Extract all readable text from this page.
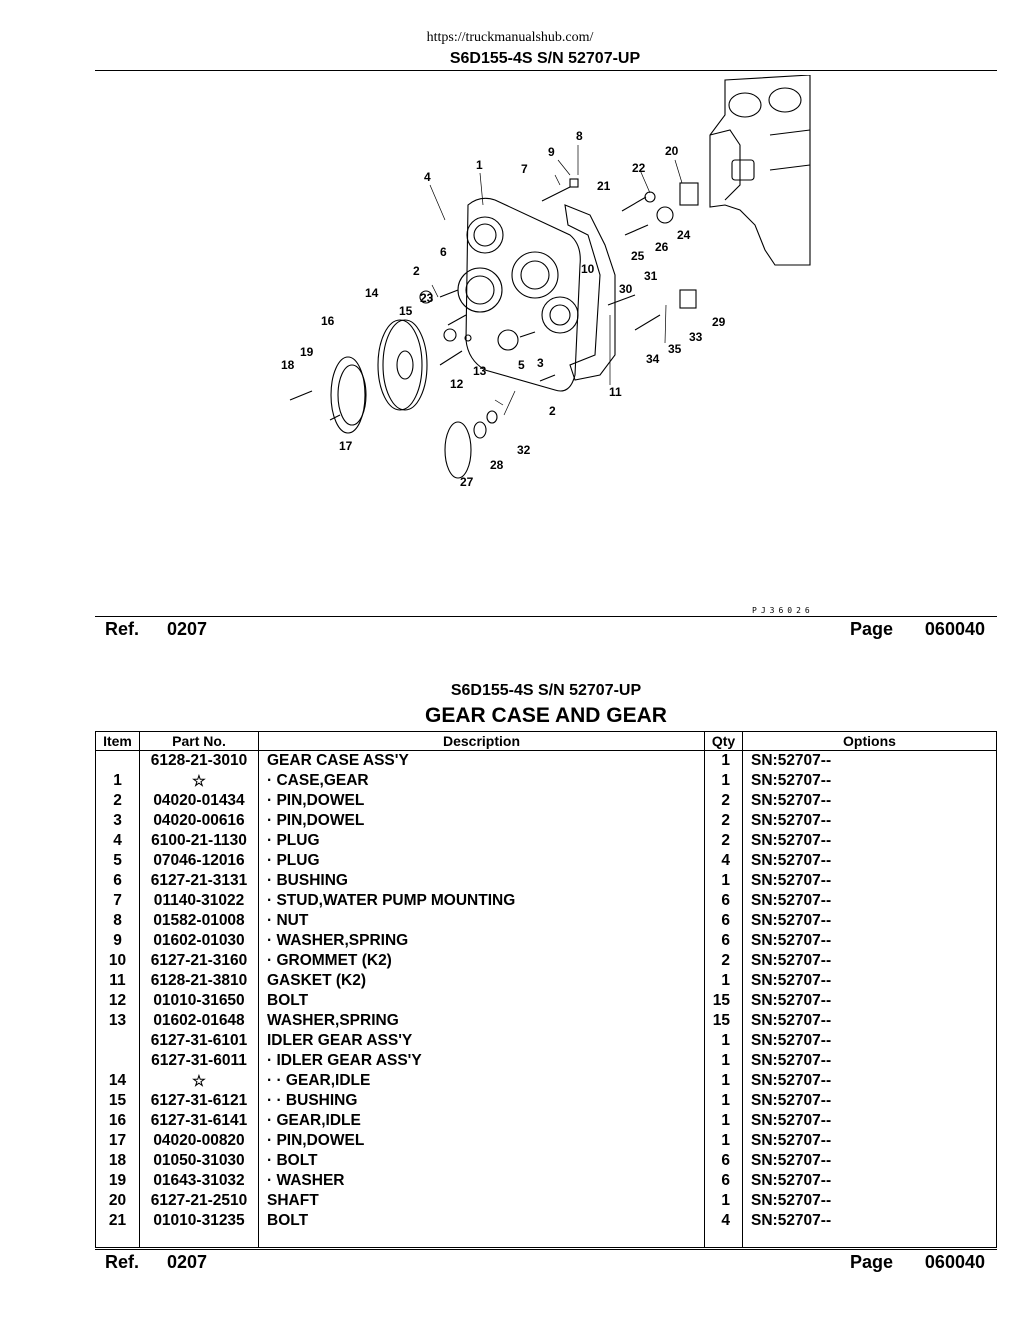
https://truckmanualshub.com/
S6D155-4S S/N 52707-UP
1
2
2
3
4
5
6
7
8
9
10
11
12
13
14
15
16
17
18
19
20
21
22
23
24
25
26
27
28
29
30
31
32
33
34
35
PJ36026
Ref. 0207	Page 060040
S6D155-4S S/N 52707-UP
GEAR CASE AND GEAR
Item	Part No.	Description	Qty	Options
	6128-21-3010	GEAR CASE ASS'Y	1	SN:52707--
1	☆	· CASE,GEAR	1	SN:52707--
2	04020-01434	· PIN,DOWEL	2	SN:52707--
3	04020-00616	· PIN,DOWEL	2	SN:52707--
4	6100-21-1130	· PLUG	2	SN:52707--
5	07046-12016	· PLUG	4	SN:52707--
6	6127-21-3131	· BUSHING	1	SN:52707--
7	01140-31022	· STUD,WATER PUMP MOUNTING	6	SN:52707--
8	01582-01008	· NUT	6	SN:52707--
9	01602-01030	· WASHER,SPRING	6	SN:52707--
10	6127-21-3160	· GROMMET (K2)	2	SN:52707--
11	6128-21-3810	GASKET (K2)	1	SN:52707--
12	01010-31650	BOLT	15	SN:52707--
13	01602-01648	WASHER,SPRING	15	SN:52707--
	6127-31-6101	IDLER GEAR ASS'Y	1	SN:52707--
	6127-31-6011	· IDLER GEAR ASS'Y	1	SN:52707--
14	☆	· · GEAR,IDLE	1	SN:52707--
15	6127-31-6121	· · BUSHING	1	SN:52707--
16	6127-31-6141	· GEAR,IDLE	1	SN:52707--
17	04020-00820	· PIN,DOWEL	1	SN:52707--
18	01050-31030	· BOLT	6	SN:52707--
19	01643-31032	· WASHER	6	SN:52707--
20	6127-21-2510	SHAFT	1	SN:52707--
21	01010-31235	BOLT	4	SN:52707--

Ref. 0207	Page 060040
